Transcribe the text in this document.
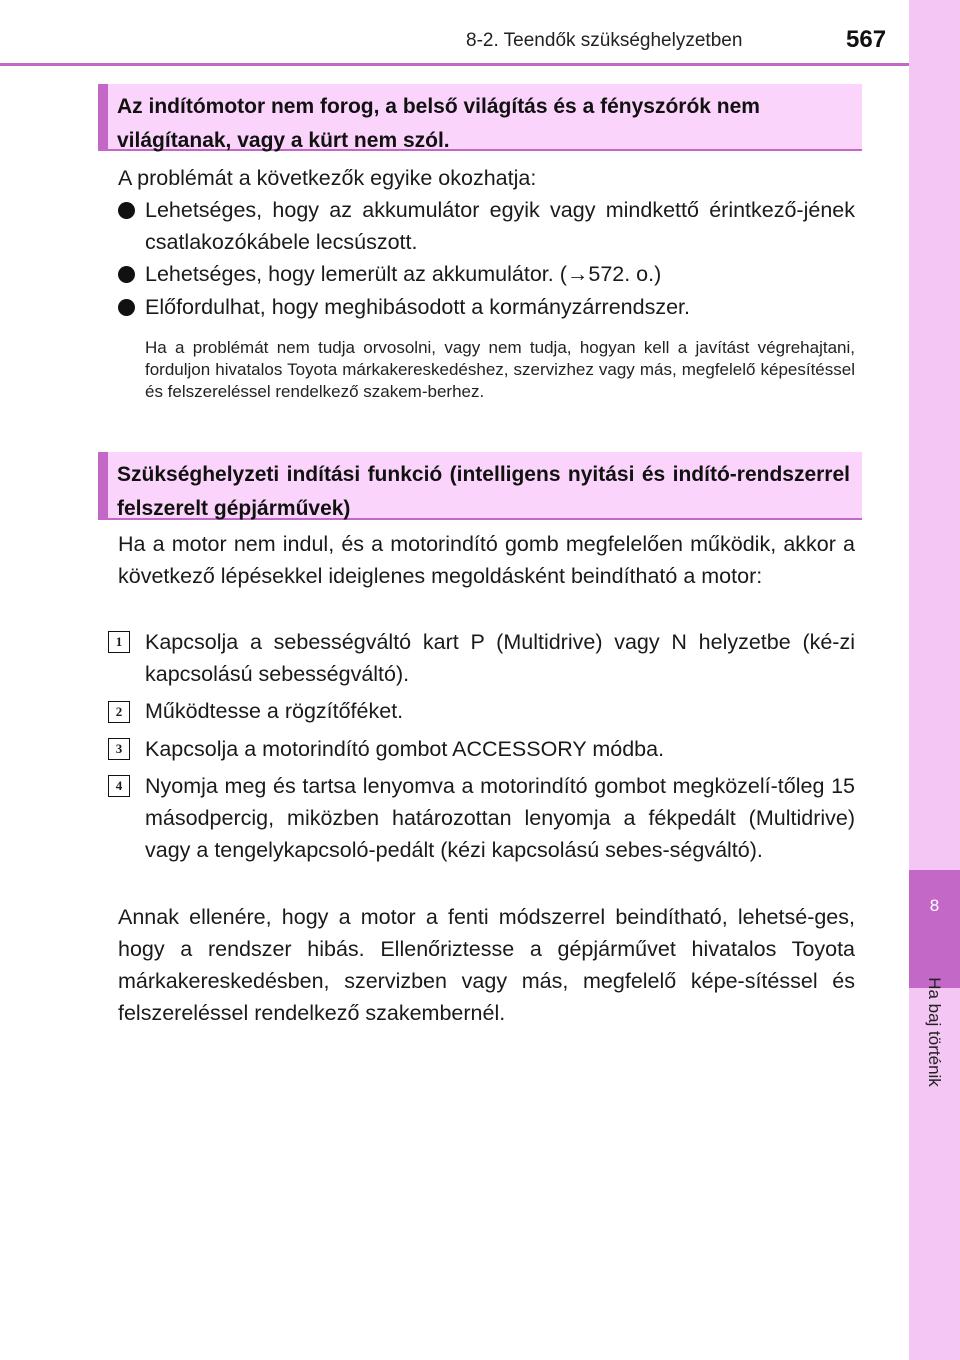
8-2. Teendők szükséghelyzetben	567
8
Ha baj történik
Az indítómotor nem forog, a belső világítás és a fényszórók nem világítanak, vagy a kürt nem szól.
A problémát a következők egyike okozhatja:
Lehetséges, hogy az akkumulátor egyik vagy mindkettő érintkező-jének csatlakozókábele lecsúszott.
Lehetséges, hogy lemerült az akkumulátor. (→572. o.)
Előfordulhat, hogy meghibásodott a kormányzárrendszer.
Ha a problémát nem tudja orvosolni, vagy nem tudja, hogyan kell a javítást végrehajtani, forduljon hivatalos Toyota márkakereskedéshez, szervizhez vagy más, megfelelő képesítéssel és felszereléssel rendelkező szakem-berhez.
Szükséghelyzeti indítási funkció (intelligens nyitási és indító-rendszerrel felszerelt gépjárművek)
Ha a motor nem indul, és a motorindító gomb megfelelően működik, akkor a következő lépésekkel ideiglenes megoldásként beindítható a motor:
1	Kapcsolja a sebességváltó kart P (Multidrive) vagy N helyzetbe (ké-zi kapcsolású sebességváltó).
2	Működtesse a rögzítőféket.
3	Kapcsolja a motorindító gombot ACCESSORY módba.
4	Nyomja meg és tartsa lenyomva a motorindító gombot megközelí-tőleg 15 másodpercig, miközben határozottan lenyomja a fékpedált (Multidrive) vagy a tengelykapcsoló-pedált (kézi kapcsolású sebes-ségváltó).
Annak ellenére, hogy a motor a fenti módszerrel beindítható, lehetsé-ges, hogy a rendszer hibás. Ellenőriztesse a gépjárművet hivatalos Toyota márkakereskedésben, szervizben vagy más, megfelelő képe-sítéssel és felszereléssel rendelkező szakembernél.
